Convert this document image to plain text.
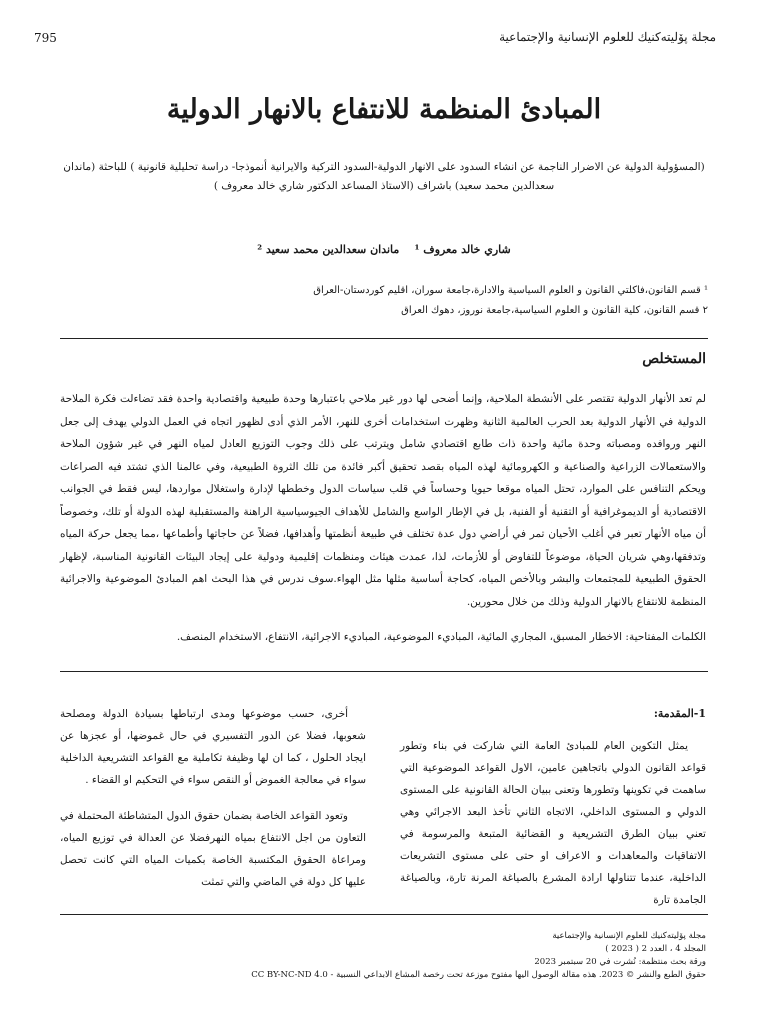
795	مجلة پۆلیتەکنیك للعلوم الإنسانية والإجتماعية
المبادئ المنظمة للانتفاع بالانهار الدولية

(المسؤولية الدولية عن الاضرار الناجمة عن انشاء السدود على الانهار الدولية-السدود التركية والايرانية أنموذجا- دراسة تحليلية قانونية ) للباحثة (ماندان سعدالدين محمد سعيد) باشراف (الاستاذ المساعد الدكتور شاري خالد معروف )

شاري خالد معروف ¹    ماندان سعدالدين محمد سعيد ²
¹ قسم القانون،فاكلتي القانون و العلوم السياسية والادارة،جامعة سوران، اقليم كوردستان-العراق
٢ قسم القانون، كلية القانون و العلوم السياسية،جامعة نوروز، دهوك العراق
المستخلص

لم تعد الأنهار الدولية تقتصر على الأنشطة الملاحية، وإنما أضحى لها دور غير ملاحي باعتبارها وحدة طبيعية واقتصادية واحدة فقد تضاءلت فكرة الملاحة الدولية في الأنهار الدولية بعد الحرب العالمية الثانية وظهرت استخدامات أخرى للنهر، الأمر الذي أدى لظهور اتجاه في العمل الدولي يهدف إلى جعل النهر وروافده ومصباته وحدة مائية واحدة ذات طابع اقتصادي شامل ويترتب على ذلك وجوب التوزيع العادل لمياه النهر في غير شؤون الملاحة والاستعمالات الزراعية والصناعية و الكهرومائية لهذه المياه بقصد تحقيق أكبر فائدة من تلك الثروة الطبيعية، وفي عالمنا الذي تشتد فيه الصراعات ويحكم التنافس على الموارد، تحتل المياه موقعا حيويا وحساساً في قلب سياسات الدول وخططها لإدارة واستغلال مواردها، ليس فقط في الجوانب الاقتصادية أو الديموغرافية أو التقنية أو الفنية، بل في الإطار الواسع والشامل للأهداف الجيوسياسية الراهنة والمستقبلية لهذه الدولة أو تلك، وخصوصاً أن مياه الأنهار تعبر في أغلب الأحيان تمر في أراضي دول عدة تختلف في طبيعة أنظمتها وأهدافها، فضلاً عن حاجاتها وأطماعها ،مما يجعل حركة المياه وتدفقها،وهي شريان الحياة، موضوعاً للتفاوض أو للأزمات، لذا، عمدت هيئات ومنظمات إقليمية ودولية على إيجاد البيئات القانونية المناسبة، لإظهار الحقوق الطبيعية للمجتمعات والبشر وبالأخص المياه، كحاجة أساسية مثلها مثل الهواء.سوف ندرس في هذا البحث اهم المبادئ الموضوعية والاجرائية المنظمة للانتفاع بالانهار الدولية وذلك من خلال محورين.

الكلمات المفتاحية: الاخطار المسبق، المجاري المائية، المباديء الموضوعية، المباديء الاجرائية، الانتفاع، الاستخدام المنصف.

1-المقدمة:

يمثل التكوين العام للمبادئ العامة التي شاركت في بناء وتطور قواعد القانون الدولي باتجاهين عامين، الاول القواعد الموضوعية التي ساهمت في تكوينها وتطورها وتعنى ببيان الحالة القانونية على المستوى الدولي و المستوى الداخلي، الاتجاه الثاني تأخذ البعد الاجرائي وهي تعني ببيان الطرق التشريعية و القضائية المتبعة والمرسومة في الاتفاقيات والمعاهدات و الاعراف او حتى على مستوى التشريعات الداخلية، عندما تتناولها ارادة المشرع بالصياغة المرنة تارة، وبالصياغة الجامدة تارة

أخرى، حسب موضوعها ومدى ارتباطها بسيادة الدولة ومصلحة شعوبها، فضلا عن الدور التفسيري في حال غموضها، أو عجزها عن ايجاد الحلول ، كما ان لها وظيفة تكاملية مع القواعد التشريعية الداخلية سواء في معالجة الغموض أو النقص سواء في التحكيم او القضاء .

وتعود القواعد الخاصة بضمان حقوق الدول المتشاطئة المحتملة في التعاون من اجل الانتفاع بمياه النهرفضلا عن العدالة في توزيع المياه، ومراعاة الحقوق المكتسبة الخاصة بكميات المياه التي كانت تحصل عليها كل دولة في الماضي والتي تمثت

مجلة پۆلیتەکنیك للعلوم الإنسانية والإجتماعية
المجلد 4 ، العدد 2 ( 2023 )
ورقة بحث منتظمة: نُشرت في 20 سبتمبر 2023
حقوق الطبع والنشر © 2023. هذه مقالة الوصول اليها مفتوح موزعة تحت رخصة المشاع الابداعي النسبية - CC BY-NC-ND 4.0
